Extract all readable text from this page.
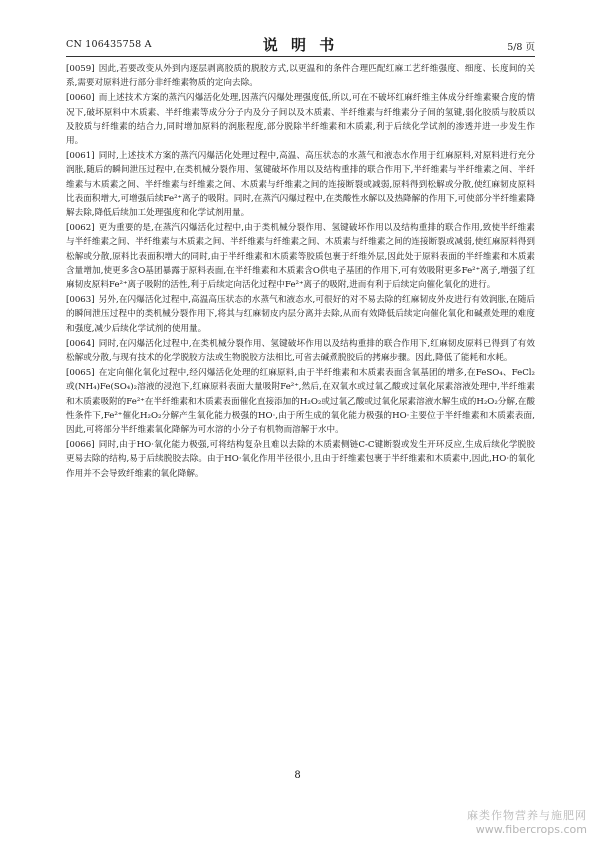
CN 106435758 A	说 明 书	5/8 页

[0059] 因此,若要改变从外到内逐层剥离胶质的脱胶方式,以更温和的条件合理匹配红麻工艺纤维强度、细度、长度间的关系,需要对原料进行部分非纤维素物质的定向去除。

[0060] 而上述技术方案的蒸汽闪爆活化处理,因蒸汽闪爆处理强度低,所以,可在不破坏红麻纤维主体成分纤维素聚合度的情况下,破坏原料中木质素、半纤维素等成分分子内及分子间以及木质素、半纤维素与纤维素分子间的氢键,弱化胶质与胶质以及胶质与纤维素的结合力,同时增加原料的润胀程度,部分脱除半纤维素和木质素,利于后续化学试剂的渗透并进一步发生作用。

[0061] 同时,上述技术方案的蒸汽闪爆活化处理过程中,高温、高压状态的水蒸气和液态水作用于红麻原料,对原料进行充分润胀,随后的瞬间泄压过程中,在类机械分裂作用、氢键破坏作用以及结构重排的联合作用下,半纤维素与半纤维素之间、半纤维素与木质素之间、半纤维素与纤维素之间、木质素与纤维素之间的连接断裂或减弱,原料得到松解或分散,使红麻韧皮原料比表面积增大,可增强后续Fe²⁺离子的吸附。同时,在蒸汽闪爆过程中,在类酸性水解以及热降解的作用下,可使部分半纤维素降解去除,降低后续加工处理强度和化学试剂用量。

[0062] 更为重要的是,在蒸汽闪爆活化过程中,由于类机械分裂作用、氢键破坏作用以及结构重排的联合作用,致使半纤维素与半纤维素之间、半纤维素与木质素之间、半纤维素与纤维素之间、木质素与纤维素之间的连接断裂或减弱,使红麻原料得到松解或分散,原料比表面积增大的同时,由于半纤维素和木质素等胶质包裹于纤维外层,因此处于原料表面的半纤维素和木质素含量增加,使更多含O基团暴露于原料表面,在半纤维素和木质素含O供电子基团的作用下,可有效吸附更多Fe²⁺离子,增强了红麻韧皮原料Fe²⁺离子吸附的活性,利于后续定向活化过程中Fe²⁺离子的吸附,进而有利于后续定向催化氧化的进行。

[0063] 另外,在闪爆活化过程中,高温高压状态的水蒸气和液态水,可很好的对不易去除的红麻韧皮外皮进行有效润胀,在随后的瞬间泄压过程中的类机械分裂作用下,将其与红麻韧皮内层分离并去除,从而有效降低后续定向催化氧化和碱煮处理的难度和强度,减少后续化学试剂的使用量。

[0064] 同时,在闪爆活化过程中,在类机械分裂作用、氢键破坏作用以及结构重排的联合作用下,红麻韧皮原料已得到了有效松解或分散,与现有技术的化学脱胶方法或生物脱胶方法相比,可省去碱煮脱胶后的拷麻步骤。因此,降低了能耗和水耗。

[0065] 在定向催化氧化过程中,经闪爆活化处理的红麻原料,由于半纤维素和木质素表面含氧基团的增多,在FeSO₄、FeCl₂或(NH₄)Fe(SO₄)₂溶液的浸泡下,红麻原料表面大量吸附Fe²⁺,然后,在双氧水或过氧乙酸或过氧化尿素溶液处理中,半纤维素和木质素吸附的Fe²⁺在半纤维素和木质素表面催化直接添加的H₂O₂或过氧乙酸或过氧化尿素溶液水解生成的H₂O₂分解,在酸性条件下,Fe²⁺催化H₂O₂分解产生氧化能力极强的HO·,由于所生成的氧化能力极强的HO·主要位于半纤维素和木质素表面,因此,可将部分半纤维素氧化降解为可水溶的小分子有机物而溶解于水中。

[0066] 同时,由于HO·氧化能力极强,可将结构复杂且难以去除的木质素侧链C-C键断裂或发生开环反应,生成后续化学脱胶更易去除的结构,易于后续脱胶去除。由于HO·氧化作用半径很小,且由于纤维素包裹于半纤维素和木质素中,因此,HO·的氧化作用并不会导致纤维素的氧化降解。

8
麻类作物营养与施肥网
www.fibercrops.com
